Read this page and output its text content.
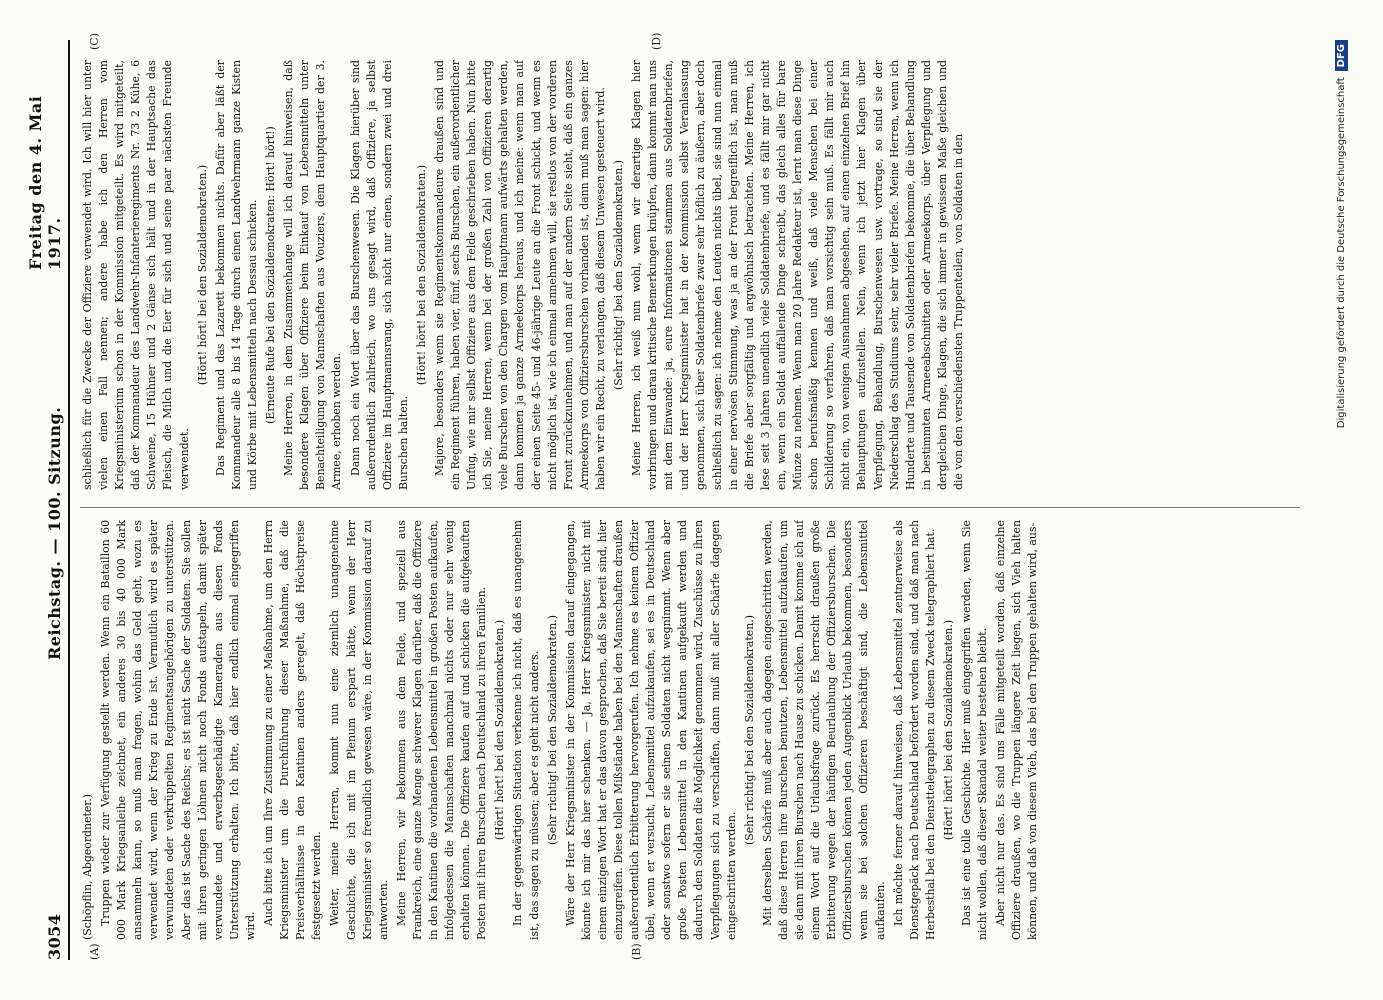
3054
Reichstag. — 100. Sitzung.
Freitag den 4. Mai 1917.
(A)	(B)
(C)	(D)

(Schöpflin, Abgeordneter.) Truppen wieder zur Verfügung gestellt werden. Wenn ein Bataillon 60 000 Mark Kriegsanleihe zeichnet, ein anderes 30 bis 40 000 Mark ansammeln kann, so muß man fragen, wohin das Geld geht, wozu es verwendet wird, wenn der Krieg zu Ende ist. Vermutlich wird es später verwundeten oder verkrüppelten Regimentsangehörigen zu unterstützen. Aber das ist Sache des Reichs; es ist nicht Sache der Soldaten. Sie sollen mit ihren geringen Löhnen nicht noch Fonds aufstapeln, damit später verwundete und erwerbsgeschädigte Kameraden aus diesen Fonds Unterstützung erhalten. Ich bitte, daß hier endlich einmal eingegriffen wird. Auch bitte ich um Ihre Zustimmung zu einer Maßnahme, um den Herrn Kriegsminister um die Durchführung dieser Maßnahme, daß die Preisverhältnisse in den Kantinen anders geregelt, daß Höchstpreise festgesetzt werden. Weiter, meine Herren, kommt nun eine ziemlich unangenehme Geschichte, die ich mit im Plenum erspart hätte, wenn der Herr Kriegsminister so freundlich gewesen wäre, in der Kommission darauf zu antworten. Meine Herren, wir bekommen aus dem Felde, und speziell aus Frankreich, eine ganze Menge schwerer Klagen darüber, daß die Offiziere in den Kantinen die vorhandenen Lebensmittel in großen Posten aufkaufen, infolgedessen die Mannschaften manchmal nichts oder nur sehr wenig erhalten können. Die Offiziere kaufen auf und schicken die aufgekauften Posten mit ihren Burschen nach Deutschland zu ihren Familien. (Hört! hört! bei den Sozialdemokraten.) In der gegenwärtigen Situation verkenne ich nicht, daß es unangenehm ist, das sagen zu müssen; aber es geht nicht anders. (Sehr richtig! bei den Sozialdemokraten.) Wäre der Herr Kriegsminister in der Kommission darauf eingegangen, könnte ich mir das hier schenken. — Ja, Herr Kriegsminister, nicht mit einem einzigen Wort hat er das davon gesprochen, daß Sie bereit sind, hier einzugreifen. Diese tollen Mißstände haben bei den Mannschaften draußen außerordentlich Erbitterung hervorgerufen. Ich nehme es keinem Offizier übel, wenn er versucht, Lebensmittel aufzukaufen, sei es in Deutschland oder sonstwo sofern er sie seinen Soldaten nicht wegnimmt. Wenn aber große Posten Lebensmittel in den Kantinen aufgekauft werden und dadurch den Soldaten die Möglichkeit genommen wird, Zuschüsse zu ihren Verpflegungen sich zu verschaffen, dann muß mit aller Schärfe dagegen eingeschritten werden.

(Sehr richtig! bei den Sozialdemokraten.) Mit derselben Schärfe muß aber auch dagegen eingeschritten werden, daß diese Herren ihre Burschen benutzen, Lebensmittel aufzukaufen, um sie dann mit ihren Burschen nach Hause zu schicken. Damit komme ich auf einem Wort auf die Urlaubsfrage zurück. Es herrscht draußen große Erbitterung wegen der häufigen Beurlaubung der Offiziersburschen. Die Offiziersburschen können jeden Augenblick Urlaub bekommen, besonders wenn sie bei solchen Offizieren beschäftigt sind, die Lebensmittel aufkaufen. Ich möchte ferner darauf hinweisen, daß Lebensmittel zentnerweise als Dienstgepäck nach Deutschland befördert worden sind, und daß man nach Herbesthal bei den Diensttelegraphen zu diesem Zweck telegraphiert hat. (Hört! hört! bei den Sozialdemokraten.) Das ist eine tolle Geschichte. Hier muß eingegriffen werden, wenn Sie nicht wollen, daß dieser Skandal weiter bestehen bleibt. Aber nicht nur das. Es sind uns Fälle mitgeteilt worden, daß einzelne Offiziere draußen, wo die Truppen längere Zeit liegen, sich Vieh halten können, und daß von diesem Vieh, das bei den Truppen gehalten wird, aus-

schließlich für die Zwecke der Offiziere verwendet wird. Ich will hier unter vielen einen Fall nennen; andere habe ich den Herren vom Kriegsministerium schon in der Kommission mitgeteilt. Es wird mitgeteilt, daß der Kommandeur des Landwehr-Infanterieregiments Nr. 73 2 Kühe, 6 Schweine, 15 Hühner und 2 Gänse sich hält und in der Hauptsache das Fleisch, die Milch und die Eier für sich und seine paar nächsten Freunde verwendet.

(Hört! hört! bei den Sozialdemokraten.) Das Regiment und das Lazarett bekommen nichts. Dafür aber läßt der Kommandeur alle 8 bis 14 Tage durch einen Landwehrmann ganze Kisten und Körbe mit Lebensmitteln nach Dessau schicken. (Erneute Rufe bei den Sozialdemokraten: Hört! hört!) Meine Herren, in dem Zusammenhange will ich darauf hinweisen, daß besondere Klagen über Offiziere beim Einkauf von Lebensmitteln unter Benachteiligung von Mannschaften aus Vouziers, dem Hauptquartier der 3. Armee, erhoben werden. Dann noch ein Wort über das Burschenwesen. Die Klagen hierüber sind außerordentlich zahlreich, wo uns gesagt wird, daß Offiziere, ja selbst Offiziere im Hauptmannsrang, sich nicht nur einen, sondern zwei und drei Burschen halten.

(Hört! hört! bei den Sozialdemokraten.) Majore, besonders wenn sie Regimentskommandeure draußen sind und ein Regiment führen, haben vier, fünf, sechs Burschen, ein außerordentlicher Unfug, wie mir selbst Offiziere aus dem Felde geschrieben haben. Nun bitte ich Sie, meine Herren, wenn bei der großen Zahl von Offizieren derartig viele Burschen von den Chargen vom Hauptmann aufwärts gehalten werden, dann kommen ja ganze Armeekorps heraus, und ich meine: wenn man auf der einen Seite 45- und 46-jährige Leute an die Front schickt, und wenn es nicht möglich ist, wie ich einmal annehmen will, sie restlos von der vorderen Front zurückzunehmen, und man auf der andern Seite sieht, daß ein ganzes Armeekorps von Offiziersburschen vorhanden ist, dann muß man sagen: hier haben wir ein Recht, zu verlangen, daß diesem Unwesen gesteuert wird. (Sehr richtig! bei den Sozialdemokraten.) Meine Herren, ich weiß nun wohl, wenn wir derartige Klagen hier vorbringen und daran kritische Bemerkungen knüpfen, dann kommt man uns mit dem Einwande: ja, eure Informationen stammen aus Soldatenbriefen, und der Herr Kriegsminister hat in der Kommission selbst Veranlassung genommen, sich über Soldatenbriefe zwar sehr höflich zu äußern, aber doch schließlich zu sagen: ich nehme den Leuten nichts übel, sie sind nun einmal in einer nervösen Stimmung, was ja an der Front begreiflich ist, man muß die Briefe aber sorgfältig und argwöhnisch betrachten. Meine Herren, ich lese seit 3 Jahren unendlich viele Soldatenbriefe, und es fällt mir gar nicht ein, wenn ein Soldat auffallende Dinge schreibt, das gleich alles für bare Münze zu nehmen. Wenn man 20 Jahre Redakteur ist, lernt man diese Dinge schon berufsmäßig kennen und weiß, daß viele Menschen bei einer Schilderung so verfahren, daß man vorsichtig sein muß. Es fällt mir auch nicht ein, von wenigen Ausnahmen abgesehen, auf einen einzelnen Brief hin Behauptungen aufzustellen. Nein, wenn ich jetzt hier Klagen über Verpflegung, Behandlung, Burschenwesen usw. vortrage, so sind sie der Niederschlag des Studiums sehr, sehr vieler Briefe. Meine Herren, wenn ich Hunderte und Tausende von Soldatenbriefen bekomme, die über Behandlung in bestimmten Armeeabschnitten oder Armeekorps, über Verpflegung und dergleichen Dinge, Klagen, die sich immer in gewissem Maße gleichen und die von den verschiedensten Truppenteilen, von Soldaten in den	Digitalisierung gefördert durch die Deutsche ForschungsgemeinschaftDFG
